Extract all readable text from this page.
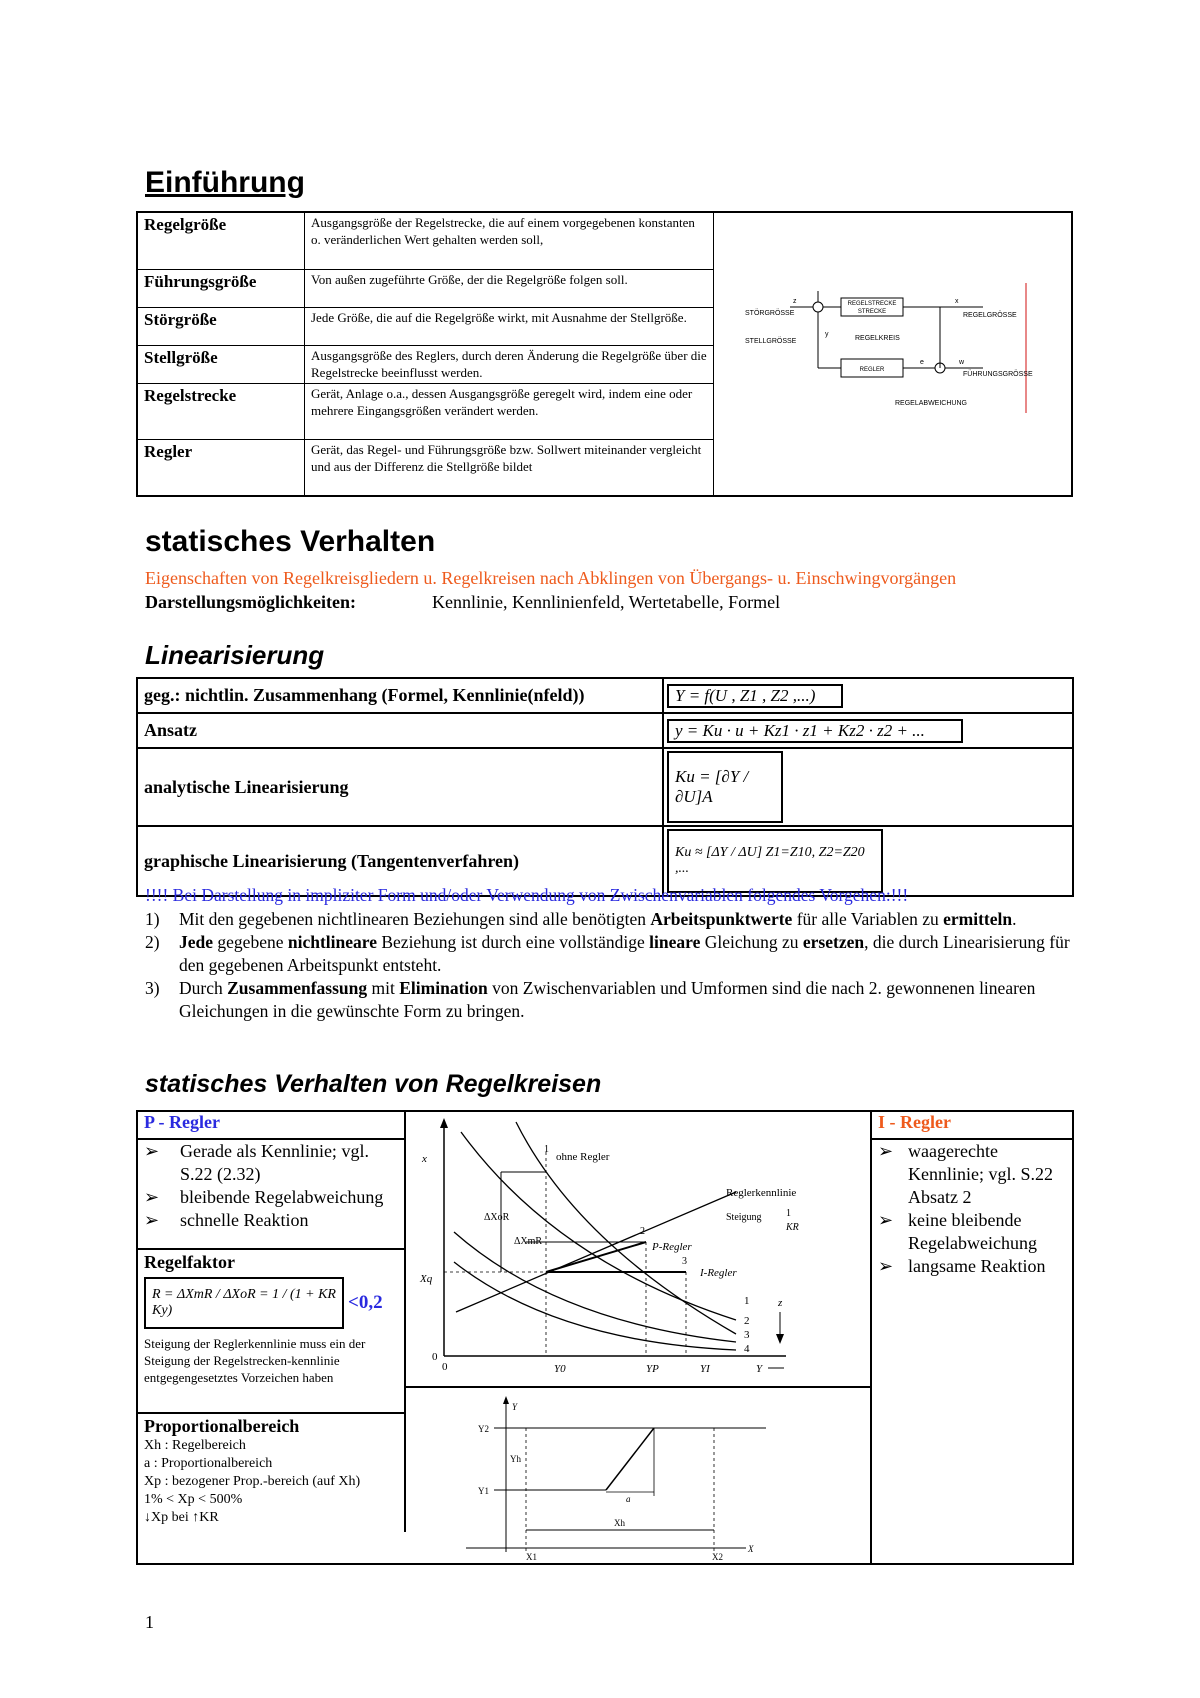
Einführung
Regelgröße	Ausgangsgröße der Regelstrecke, die auf einem vorgegebenen konstanten o. veränderlichen Wert gehalten werden soll,
Führungsgröße	Von außen zugeführte Größe, der die Regelgröße folgen soll.
Störgröße	Jede Größe, die auf die Regelgröße wirkt, mit Ausnahme der Stellgröße.
Stellgröße	Ausgangsgröße des Reglers, durch deren Änderung die Regelgröße über die Regelstrecke beeinflusst werden.
Regelstrecke	Gerät, Anlage o.a., dessen Ausgangsgröße geregelt wird, indem eine oder mehrere Eingangsgrößen verändert werden.
Regler	Gerät, das Regel- und Führungsgröße bzw. Sollwert miteinander vergleicht und aus der Differenz die Stellgröße bildet
REGELSTRECKE
STRECKE
REGLER
z
STÖRGRÖSSE
x
REGELGRÖSSE
y
STELLGRÖSSE	REGELKREIS
e	w
FÜHRUNGSGRÖSSE
REGELABWEICHUNG
statisches Verhalten
Eigenschaften von Regelkreisgliedern u. Regelkreisen nach Abklingen von Übergangs- u. Einschwingvorgängen
Darstellungsmöglichkeiten:	Kennlinie, Kennlinienfeld, Wertetabelle, Formel
Linearisierung
geg.: nichtlin. Zusammenhang (Formel, Kennlinie(nfeld))	Y = f(U , Z1 , Z2 ,...)
Ansatz	y = Ku · u + Kz1 · z1 + Kz2 · z2 + ...
analytische Linearisierung	Ku = [∂Y / ∂U]A
graphische Linearisierung (Tangentenverfahren)	Ku ≈ [ΔY / ΔU] Z1=Z10, Z2=Z20 ,...
!!!! Bei Darstellung in impliziter Form und/oder Verwendung von Zwischenvariablen folgendes Vorgehen:!!!
1)	Mit den gegebenen nichtlinearen Beziehungen sind alle benötigten Arbeitspunktwerte für alle Variablen zu ermitteln.
2)	Jede gegebene nichtlineare Beziehung ist durch eine vollständige lineare Gleichung zu ersetzen, die durch Linearisierung für den gegebenen Arbeitspunkt entsteht.
3)	Durch Zusammenfassung mit Elimination von Zwischenvariablen und Umformen sind die nach 2. gewonnenen linearen Gleichungen in die gewünschte Form zu bringen.
statisches Verhalten von Regelkreisen
P - Regler
➢	Gerade als Kennlinie; vgl. S.22 (2.32)
➢	bleibende Regelabweichung
➢	schnelle Reaktion
Regelfaktor
R = ΔXmR / ΔXoR = 1 / (1 + KR Ky)	<0,2
Steigung der Reglerkennlinie muss ein der Steigung der Regelstrecken-kennlinie entgegengesetztes Vorzeichen haben
Proportionalbereich
Xh : Regelbereich
a : Proportionalbereich
Xp : bezogener Prop.-bereich (auf Xh)
1% < Xp < 500%
↓Xp bei ↑KR
x
Xq
0
0	Y0	YP	YI	Y
ΔXoR
ΔXmR
ohne Regler
1
Reglerkennlinie
Steigung 1
KR
2
P-Regler
3
I-Regler
1
2
3
4
z
Y
Y2
Yh
Y1
a
Xh
X1	X2
X
I - Regler
➢ waagerechte Kennlinie; vgl. S.22 Absatz 2
➢ keine bleibende Regelabweichung
➢ langsame Reaktion
1
